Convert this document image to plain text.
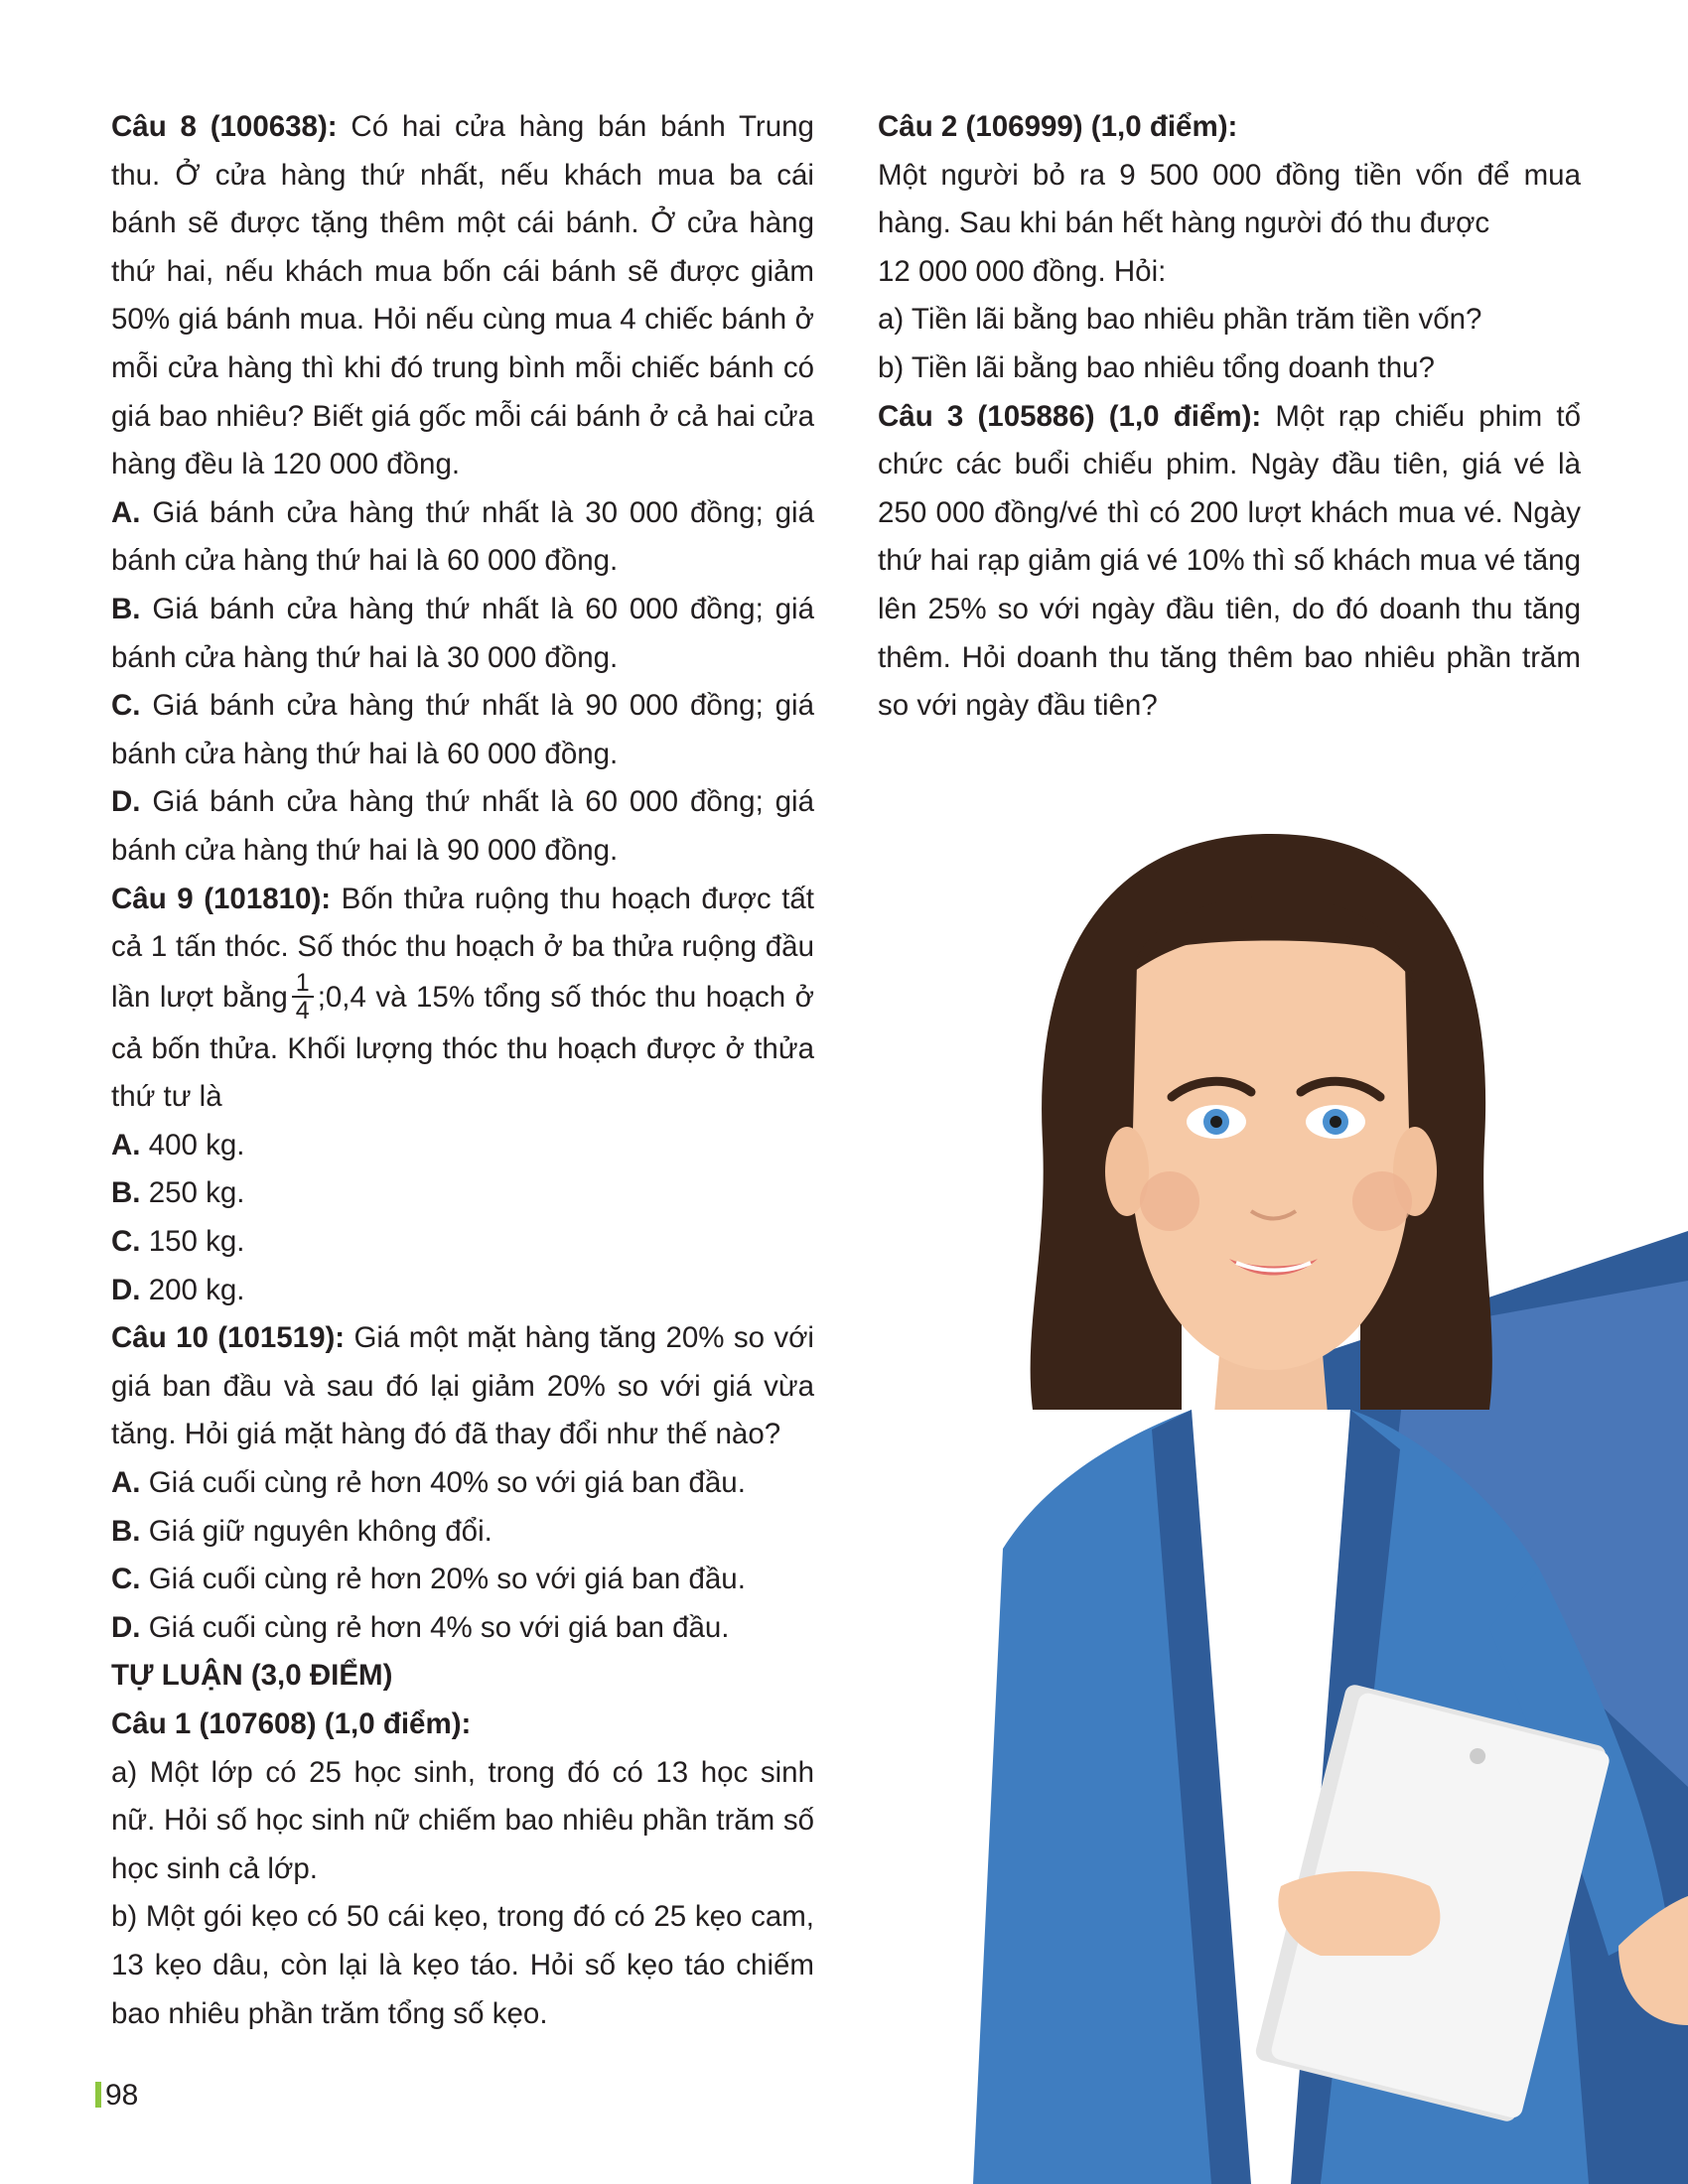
Câu 8 (100638): Có hai cửa hàng bán bánh Trung thu. Ở cửa hàng thứ nhất, nếu khách mua ba cái bánh sẽ được tặng thêm một cái bánh. Ở cửa hàng thứ hai, nếu khách mua bốn cái bánh sẽ được giảm 50% giá bánh mua. Hỏi nếu cùng mua 4 chiếc bánh ở mỗi cửa hàng thì khi đó trung bình mỗi chiếc bánh có giá bao nhiêu? Biết giá gốc mỗi cái bánh ở cả hai cửa hàng đều là 120 000 đồng.

A. Giá bánh cửa hàng thứ nhất là 30 000 đồng; giá bánh cửa hàng thứ hai là 60 000 đồng.

B. Giá bánh cửa hàng thứ nhất là 60 000 đồng; giá bánh cửa hàng thứ hai là 30 000 đồng.

C. Giá bánh cửa hàng thứ nhất là 90 000 đồng; giá bánh cửa hàng thứ hai là 60 000 đồng.

D. Giá bánh cửa hàng thứ nhất là 60 000 đồng; giá bánh cửa hàng thứ hai là 90 000 đồng.

Câu 9 (101810): Bốn thửa ruộng thu hoạch được tất cả 1 tấn thóc. Số thóc thu hoạch ở ba thửa ruộng đầu lần lượt bằng $\frac{1}{4}$ ;0,4 và 15% tổng số thóc thu hoạch ở cả bốn thửa. Khối lượng thóc thu hoạch được ở thửa thứ tư là

A. 400 kg.

B. 250 kg.

C. 150 kg.

D. 200 kg.

Câu 10 (101519): Giá một mặt hàng tăng 20% so với giá ban đầu và sau đó lại giảm 20% so với giá vừa tăng. Hỏi giá mặt hàng đó đã thay đổi như thế nào?

A. Giá cuối cùng rẻ hơn 40% so với giá ban đầu.

B. Giá giữ nguyên không đổi.

C. Giá cuối cùng rẻ hơn 20% so với giá ban đầu.

D. Giá cuối cùng rẻ hơn 4% so với giá ban đầu.

TỰ LUẬN (3,0 ĐIỂM)

Câu 1 (107608) (1,0 điểm):

a) Một lớp có 25 học sinh, trong đó có 13 học sinh nữ. Hỏi số học sinh nữ chiếm bao nhiêu phần trăm số học sinh cả lớp.

b) Một gói kẹo có 50 cái kẹo, trong đó có 25 kẹo cam, 13 kẹo dâu, còn lại là kẹo táo. Hỏi số kẹo táo chiếm bao nhiêu phần trăm tổng số kẹo.

Câu 2 (106999) (1,0 điểm):

Một người bỏ ra 9 500 000 đồng tiền vốn để mua hàng. Sau khi bán hết hàng người đó thu được

12 000 000 đồng. Hỏi:

a) Tiền lãi bằng bao nhiêu phần trăm tiền vốn?

b) Tiền lãi bằng bao nhiêu tổng doanh thu?

Câu 3 (105886) (1,0 điểm): Một rạp chiếu phim tổ chức các buổi chiếu phim. Ngày đầu tiên, giá vé là 250 000 đồng/vé thì có 200 lượt khách mua vé. Ngày thứ hai rạp giảm giá vé 10% thì số khách mua vé tăng lên 25% so với ngày đầu tiên, do đó doanh thu tăng thêm. Hỏi doanh thu tăng thêm bao nhiêu phần trăm so với ngày đầu tiên?

98
